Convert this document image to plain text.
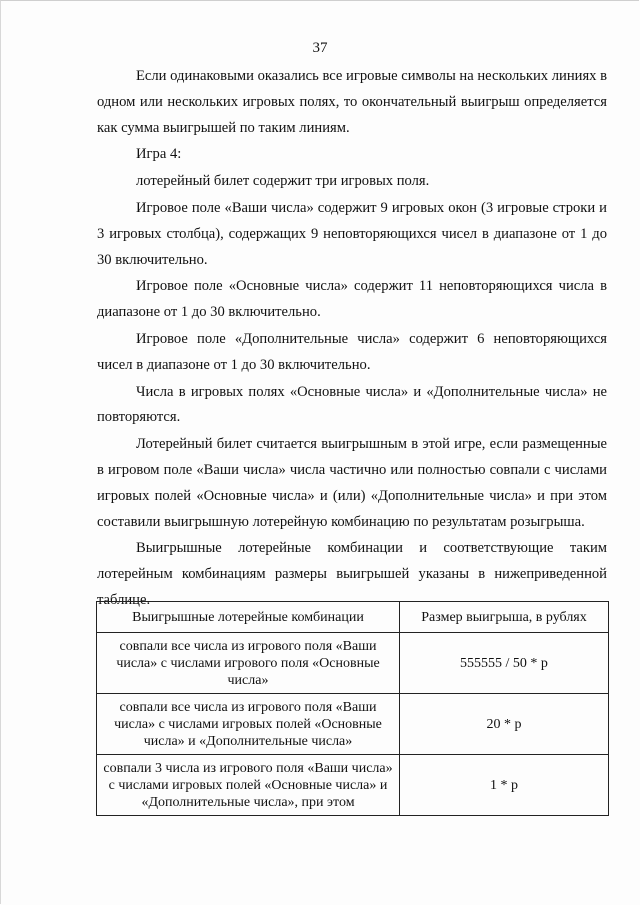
37

Если одинаковыми оказались все игровые символы на нескольких линиях в одном или нескольких игровых полях, то окончательный выигрыш определяется как сумма выигрышей по таким линиям.

Игра 4:

лотерейный билет содержит три игровых поля.

Игровое поле «Ваши числа» содержит 9 игровых окон (3 игровые строки и 3 игровых столбца), содержащих 9 неповторяющихся чисел в диапазоне от 1 до 30 включительно.

Игровое поле «Основные числа» содержит 11 неповторяющихся числа в диапазоне от 1 до 30 включительно.

Игровое поле «Дополнительные числа» содержит 6 неповторяющихся чисел в диапазоне от 1 до 30 включительно.

Числа в игровых полях «Основные числа» и «Дополнительные числа» не повторяются.

Лотерейный билет считается выигрышным в этой игре, если размещенные в игровом поле «Ваши числа» числа частично или полностью совпали с числами игровых полей «Основные числа» и (или) «Дополнительные числа» и при этом составили выигрышную лотерейную комбинацию по результатам розыгрыша.

Выигрышные лотерейные комбинации и соответствующие таким лотерейным комбинациям размеры выигрышей указаны в нижеприведенной таблице.

Выигрышные лотерейные комбинации	Размер выигрыша, в рублях
совпали все числа из игрового поля «Ваши числа» с числами игрового поля «Основные числа»	555555 / 50 * р
совпали все числа из игрового поля «Ваши числа» с числами игровых полей «Основные числа» и «Дополнительные числа»	20 * р
совпали 3 числа из игрового поля «Ваши числа» с числами игровых полей «Основные числа» и «Дополнительные числа», при этом	1 * р
